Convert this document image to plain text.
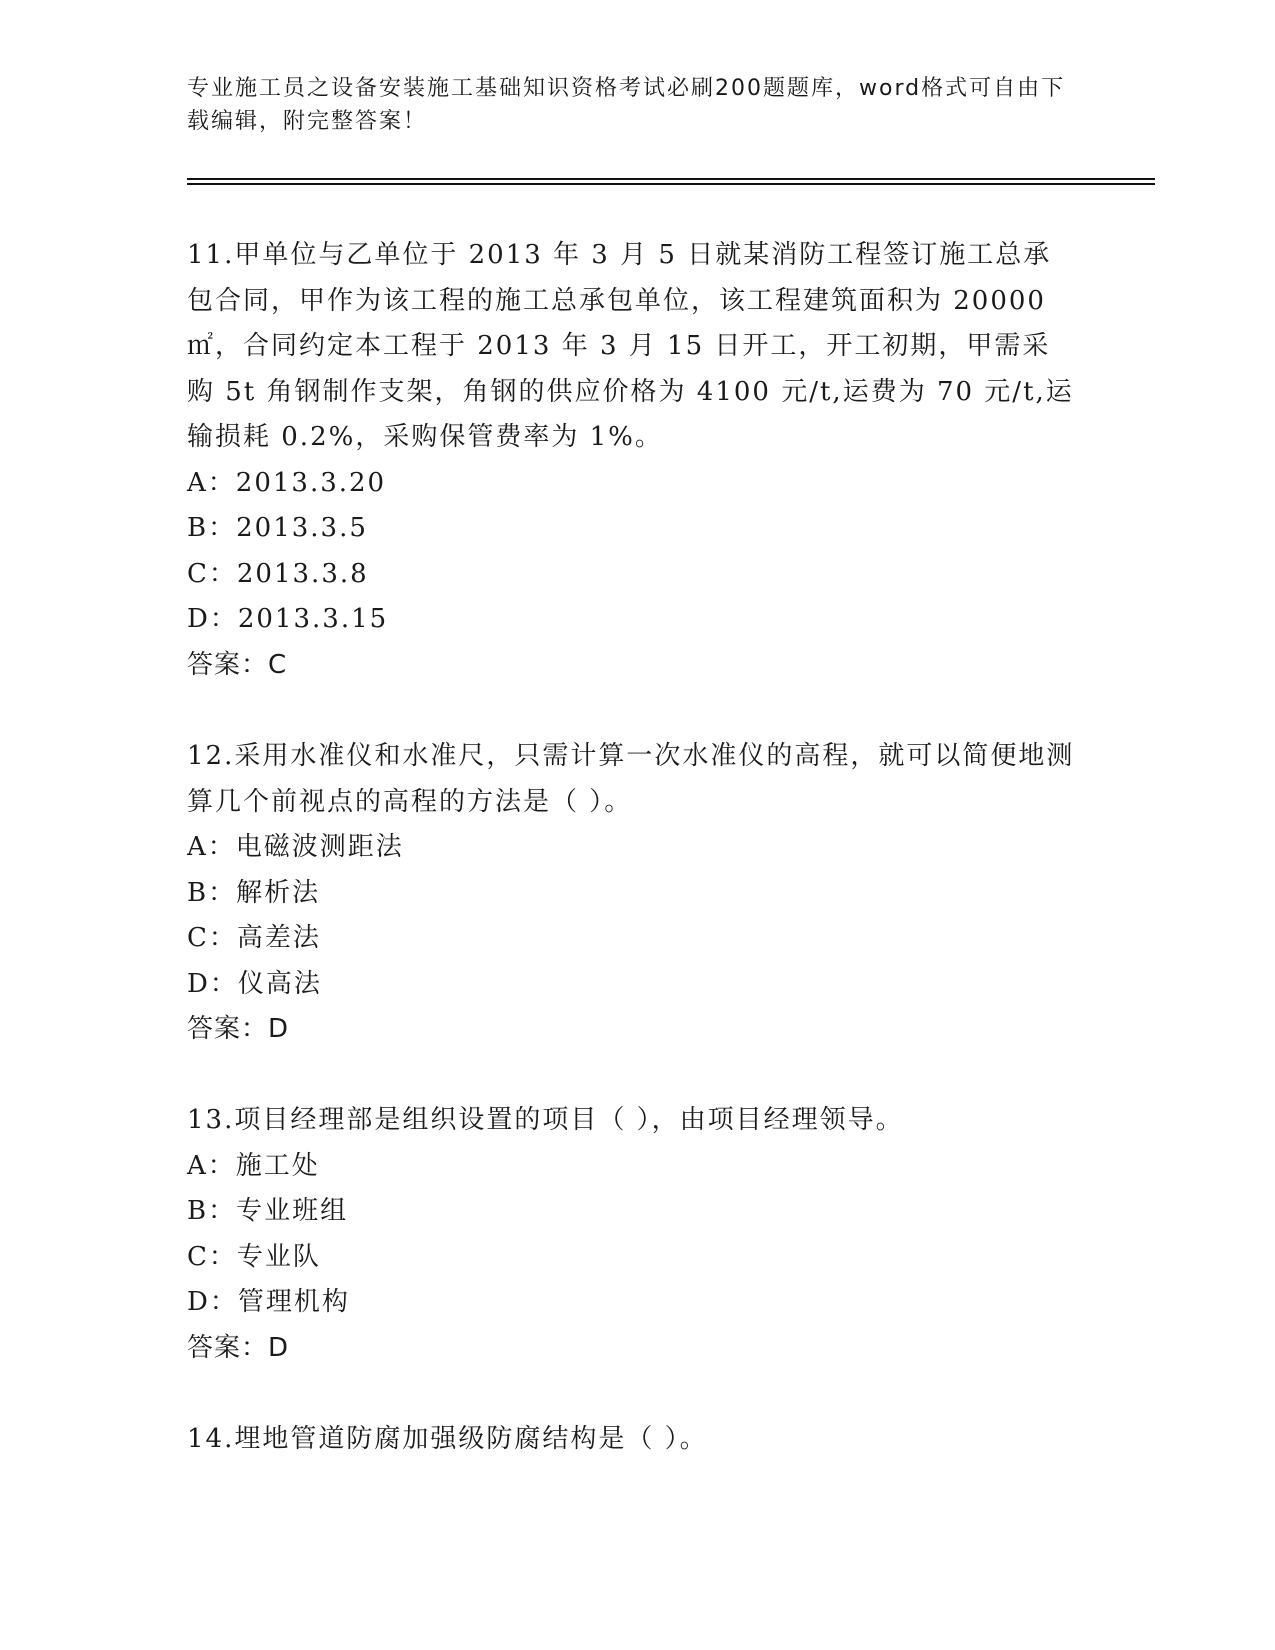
专业施工员之设备安装施工基础知识资格考试必刷200题题库，word格式可自由下载编辑，附完整答案！
11.甲单位与乙单位于 2013 年 3 月 5 日就某消防工程签订施工总承包合同，甲作为该工程的施工总承包单位，该工程建筑面积为 20000㎡，合同约定本工程于 2013 年 3 月 15 日开工，开工初期，甲需采购 5t 角钢制作支架，角钢的供应价格为 4100 元/t,运费为 70 元/t,运输损耗 0.2%，采购保管费率为 1%。
A：2013.3.20
B：2013.3.5
C：2013.3.8
D：2013.3.15
答案：C
12.采用水准仪和水准尺，只需计算一次水准仪的高程，就可以简便地测算几个前视点的高程的方法是（ ）。
A：电磁波测距法
B：解析法
C：高差法
D：仪高法
答案：D
13.项目经理部是组织设置的项目（ ），由项目经理领导。
A：施工处
B：专业班组
C：专业队
D：管理机构
答案：D
14.埋地管道防腐加强级防腐结构是（ ）。
